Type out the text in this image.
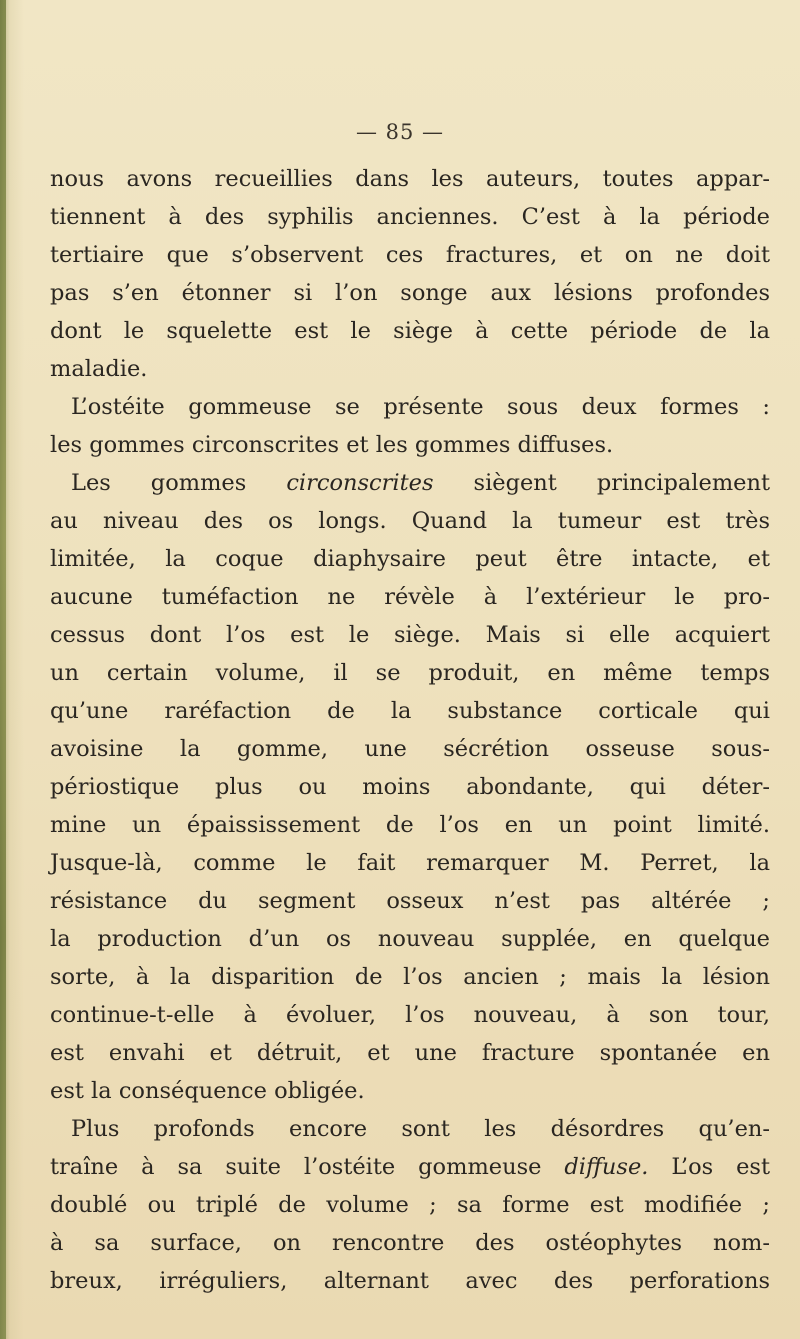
— 85 —
nous avons recueillies dans les auteurs, toutes appar-
tiennent à des syphilis anciennes. C’est à la période
tertiaire que s’observent ces fractures, et on ne doit
pas s’en étonner si l’on songe aux lésions profondes
dont le squelette est le siège à cette période de la
maladie.
L’ostéite gommeuse se présente sous deux formes :
les gommes circonscrites et les gommes diffuses.
Les gommes circonscrites siègent principalement
au niveau des os longs. Quand la tumeur est très
limitée, la coque diaphysaire peut être intacte, et
aucune tuméfaction ne révèle à l’extérieur le pro-
cessus dont l’os est le siège. Mais si elle acquiert
un certain volume, il se produit, en même temps
qu’une raréfaction de la substance corticale qui
avoisine la gomme, une sécrétion osseuse sous-
périostique plus ou moins abondante, qui déter-
mine un épaississement de l’os en un point limité.
Jusque-là, comme le fait remarquer M. Perret, la
résistance du segment osseux n’est pas altérée ;
la production d’un os nouveau supplée, en quelque
sorte, à la disparition de l’os ancien ; mais la lésion
continue-t-elle à évoluer, l’os nouveau, à son tour,
est envahi et détruit, et une fracture spontanée en
est la conséquence obligée.
Plus profonds encore sont les désordres qu’en-
traîne à sa suite l’ostéite gommeuse diffuse. L’os est
doublé ou triplé de volume ; sa forme est modifiée ;
à sa surface, on rencontre des ostéophytes nom-
breux, irréguliers, alternant avec des perforations
